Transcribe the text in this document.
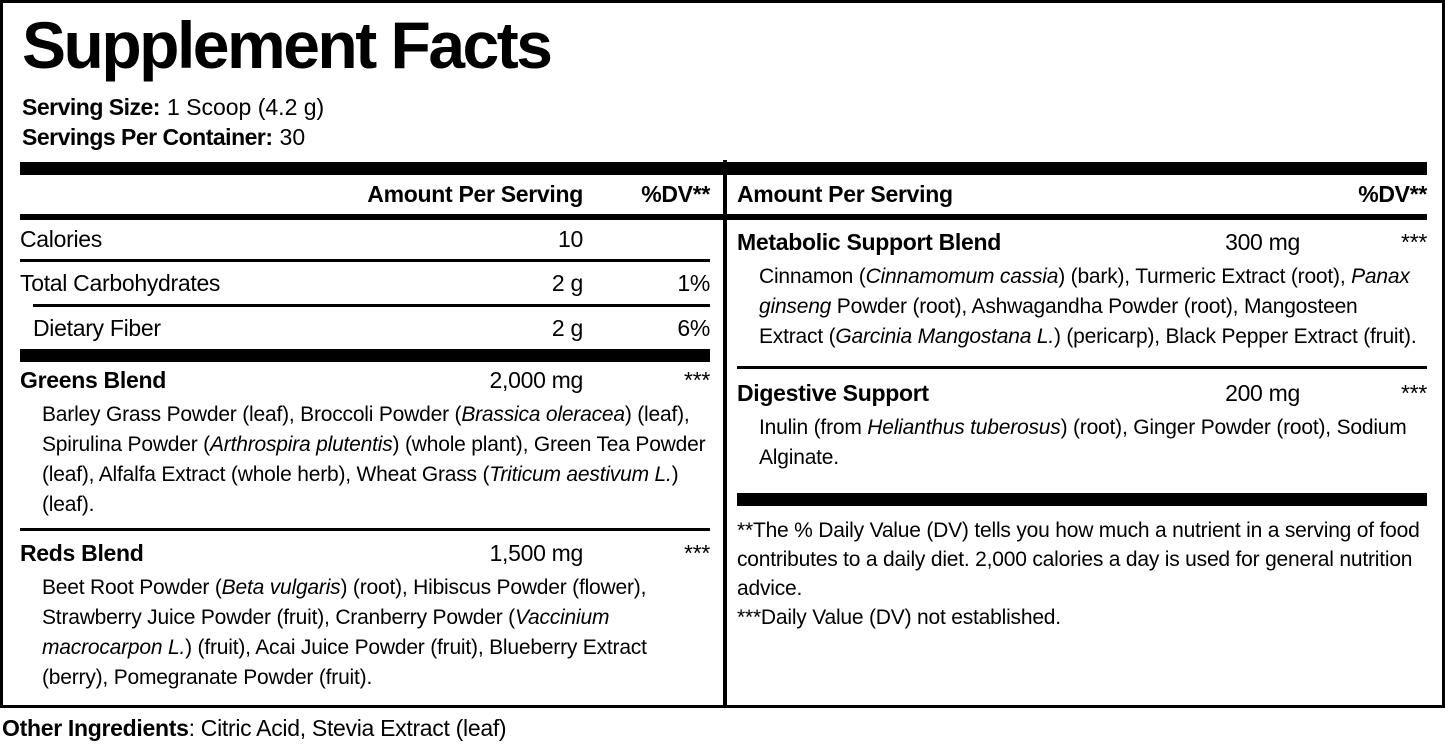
Supplement Facts
Serving Size: 1 Scoop (4.2 g)
Servings Per Container: 30
Amount Per Serving	%DV** Amount Per Serving	%DV**
Calories	10
Total Carbohydrates	2 g	1%
Dietary Fiber	2 g	6%
Greens Blend	2,000 mg	***
Barley Grass Powder (leaf), Broccoli Powder (Brassica oleracea) (leaf), Spirulina Powder (Arthrospira plutentis) (whole plant), Green Tea Powder (leaf), Alfalfa Extract (whole herb), Wheat Grass (Triticum aestivum L.) (leaf).
Reds Blend	1,500 mg	***
Beet Root Powder (Beta vulgaris) (root), Hibiscus Powder (flower), Strawberry Juice Powder (fruit), Cranberry Powder (Vaccinium macrocarpon L.) (fruit), Acai Juice Powder (fruit), Blueberry Extract (berry), Pomegranate Powder (fruit).
Metabolic Support Blend	300 mg	***
Cinnamon (Cinnamomum cassia) (bark), Turmeric Extract (root), Panax ginseng Powder (root), Ashwagandha Powder (root), Mangosteen Extract (Garcinia Mangostana L.) (pericarp), Black Pepper Extract (fruit).
Digestive Support	200 mg	***
Inulin (from Helianthus tuberosus) (root), Ginger Powder (root), Sodium Alginate.

**The % Daily Value (DV) tells you how much a nutrient in a serving of food contributes to a daily diet. 2,000 calories a day is used for general nutrition advice.

***Daily Value (DV) not established.

Other Ingredients: Citric Acid, Stevia Extract (leaf)
